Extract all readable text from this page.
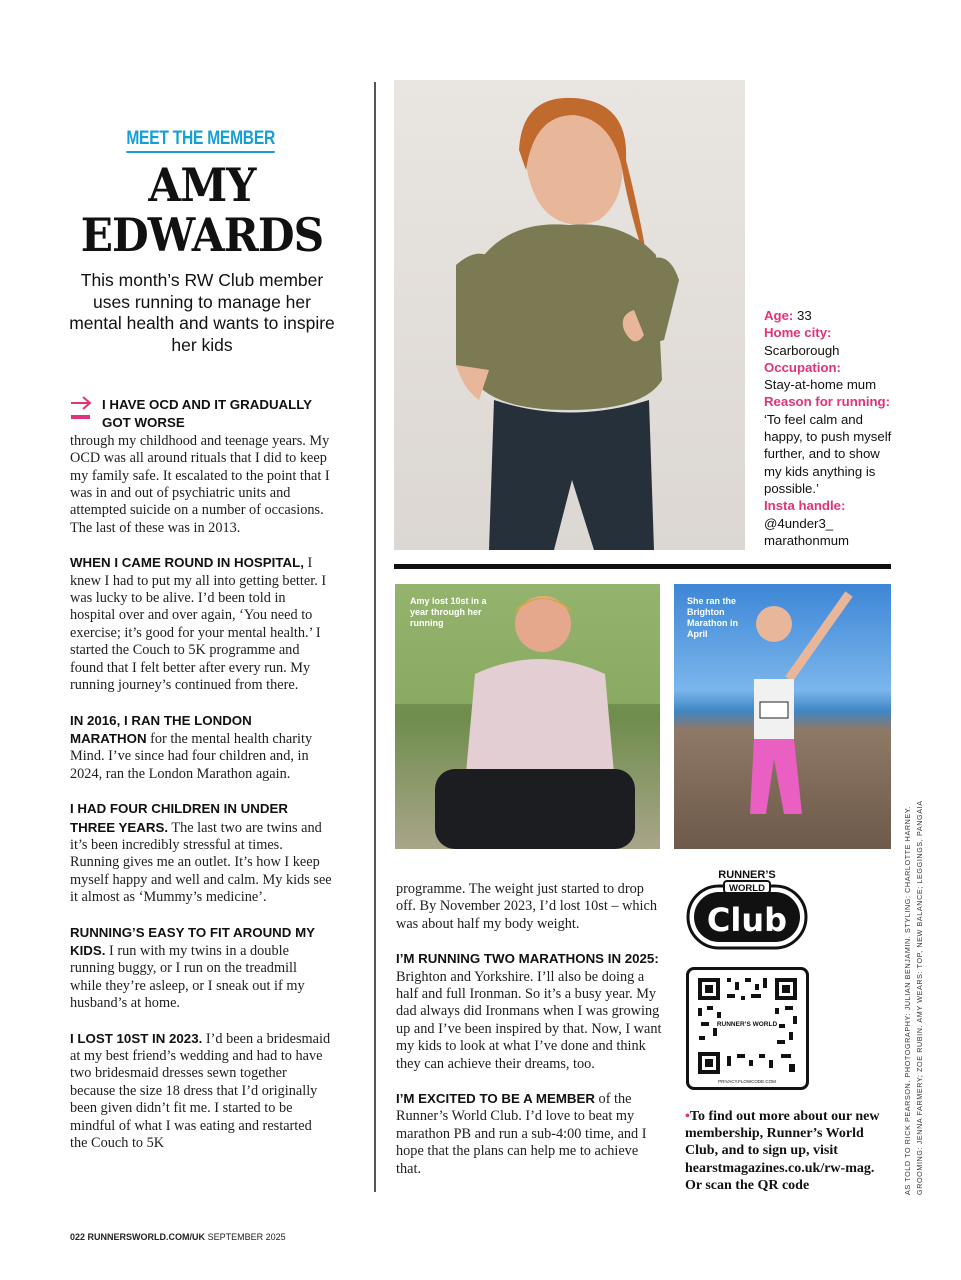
MEET THE MEMBER
AMY
EDWARDS
This month’s RW Club member uses running to manage her mental health and wants to inspire her kids

I HAVE OCD AND IT GRADUALLY GOT WORSE
through my childhood and teenage years. My OCD was all around rituals that I did to keep my family safe. It escalated to the point that I was in and out of psychiatric units and attempted suicide on a number of occasions. The last of these was in 2013.

WHEN I CAME ROUND IN HOSPITAL, I knew I had to put my all into getting better. I was lucky to be alive. I’d been told in hospital over and over again, ‘You need to exercise; it’s good for your mental health.’ I started the Couch to 5K programme and found that I felt better after every run. My running journey’s continued from there.

IN 2016, I RAN THE LONDON MARATHON for the mental health charity Mind. I’ve since had four children and, in 2024, ran the London Marathon again.

I HAD FOUR CHILDREN IN UNDER THREE YEARS. The last two are twins and it’s been incredibly stressful at times. Running gives me an outlet. It’s how I keep myself happy and well and calm. My kids see it almost as ‘Mummy’s medicine’.

RUNNING’S EASY TO FIT AROUND MY KIDS. I run with my twins in a double running buggy, or I run on the treadmill while they’re asleep, or I sneak out if my husband’s at home.

I LOST 10ST IN 2023. I’d been a bridesmaid at my best friend’s wedding and had to have two bridesmaid dresses sewn together because the size 18 dress that I’d originally been given didn’t fit me. I started to be mindful of what I was eating and restarted the Couch to 5K

Age: 33
Home city:
Scarborough
Occupation:
Stay-at-home mum
Reason for running:
‘To feel calm and happy, to push myself further, and to show my kids anything is possible.’
Insta handle:
@4under3_ marathonmum
Amy lost 10st in a year through her running
She ran the Brighton Marathon in April

programme. The weight just started to drop off. By November 2023, I’d lost 10st – which was about half my body weight.

I’M RUNNING TWO MARATHONS IN 2025: Brighton and Yorkshire. I’ll also be doing a half and full Ironman. So it’s a busy year. My dad always did Ironmans when I was growing up and I’ve been inspired by that. Now, I want my kids to look at what I’ve done and think they can achieve their dreams, too.

I’M EXCITED TO BE A MEMBER of the Runner’s World Club. I’d love to beat my marathon PB and run a sub-4:00 time, and I hope that the plans can help me to achieve that.

RUNNER’S
WORLD
Club
RUNNER’S WORLD
PRIVACY.FLOWCODE.COM
•To find out more about our new membership, Runner’s World Club, and to sign up, visit hearstmagazines.co.uk/rw-mag. Or scan the QR code	AS TOLD TO RICK PEARSON. PHOTOGRAPHY: JULIAN BENJAMIN. STYLING: CHARLOTTE HARNEY. GROOMING: JENNA FARMERY; ZOE RUBIN. AMY WEARS: TOP, NEW BALANCE; LEGGINGS, PANGAIA
022 RUNNERSWORLD.COM/UK SEPTEMBER 2025
